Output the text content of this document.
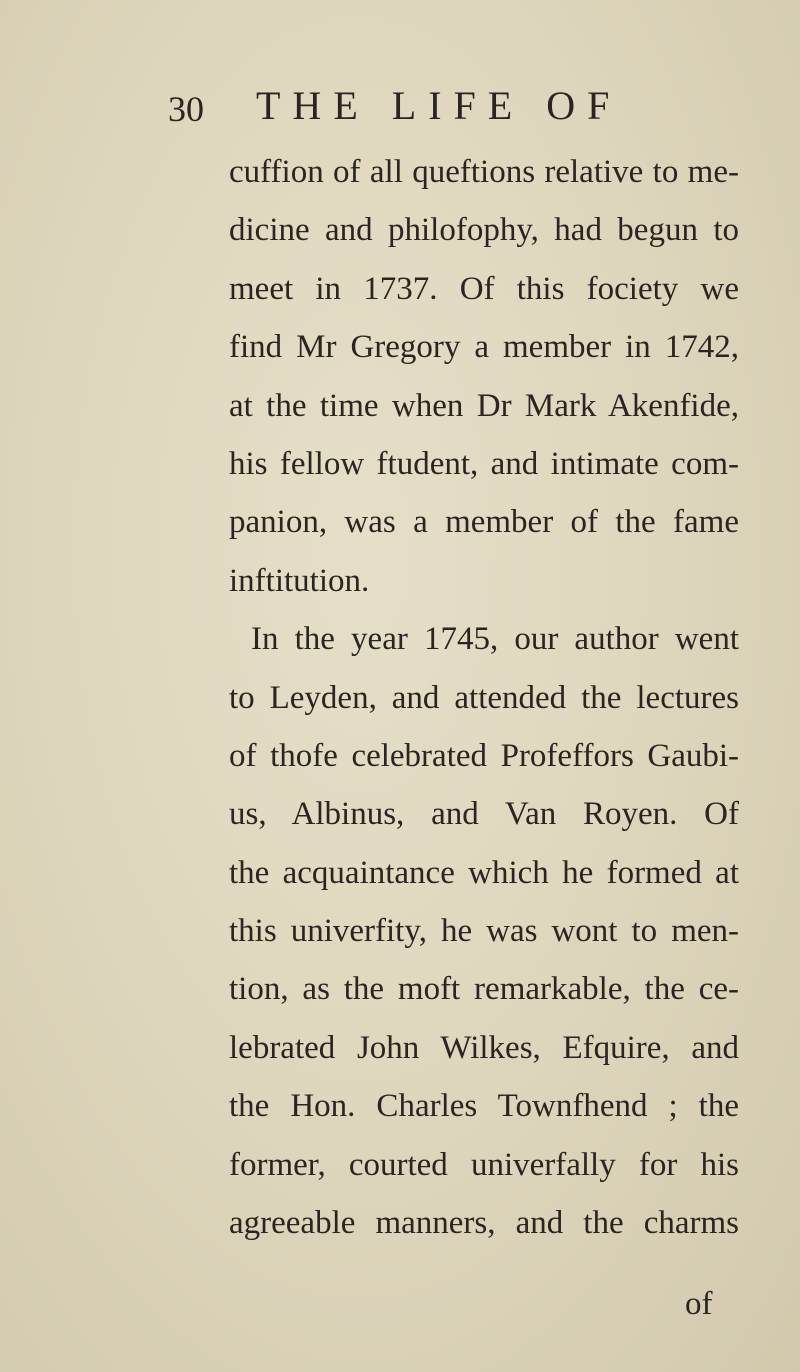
30 THE LIFE OF
cuffion of all queftions relative to me-
dicine and philofophy, had begun to
meet in 1737. Of this fociety we
find Mr Gregory a member in 1742,
at the time when Dr Mark Akenfide,
his fellow ftudent, and intimate com-
panion, was a member of the fame
inftitution.
In the year 1745, our author went
to Leyden, and attended the lectures
of thofe celebrated Profeffors Gaubi-
us, Albinus, and Van Royen. Of
the acquaintance which he formed at
this univerfity, he was wont to men-
tion, as the moft remarkable, the ce-
lebrated John Wilkes, Efquire, and
the Hon. Charles Townfhend ; the
former, courted univerfally for his
agreeable manners, and the charms
of
